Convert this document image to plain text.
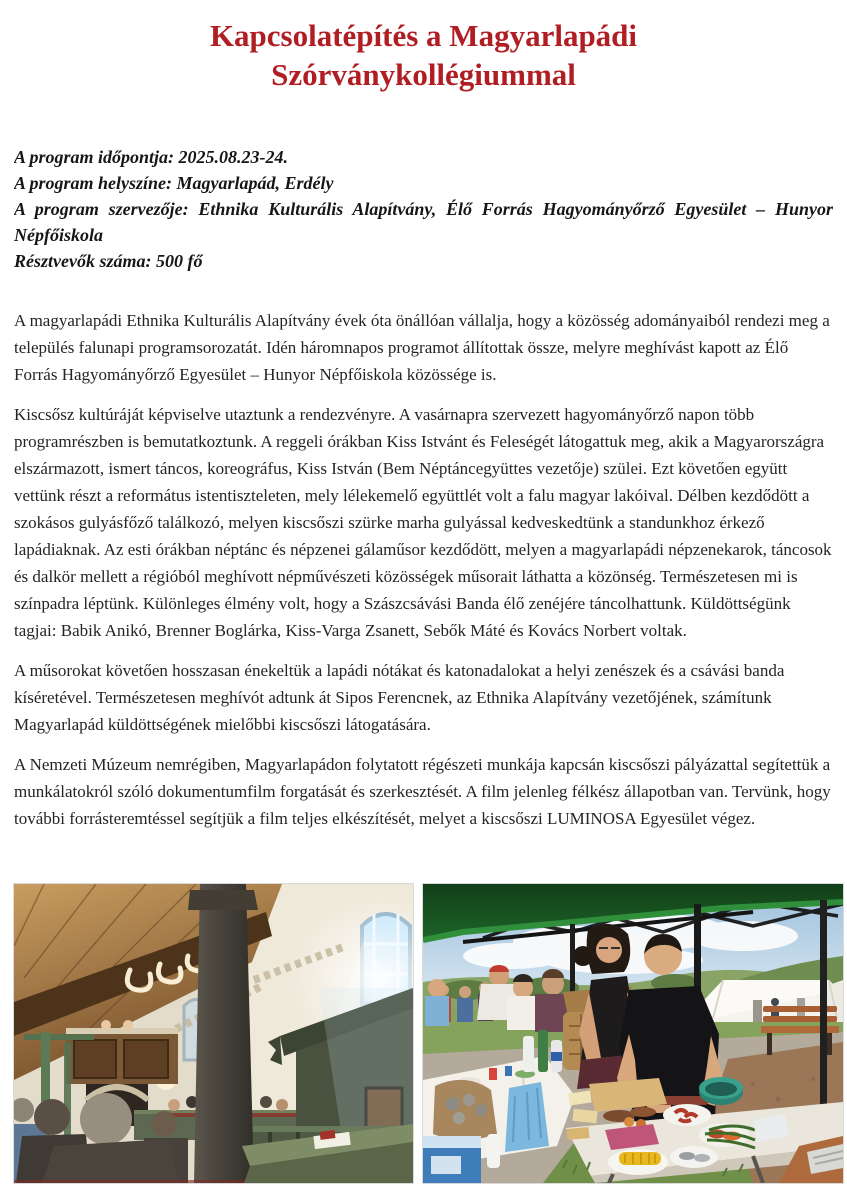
Kapcsolatépítés a Magyarlapádi Szórványkollégiummal

A program időpontja: 2025.08.23-24.

A program helyszíne: Magyarlapád, Erdély

A program szervezője: Ethnika Kulturális Alapítvány, Élő Forrás Hagyományőrző Egyesület – Hunyor Népfőiskola

Résztvevők száma: 500 fő

A magyarlapádi Ethnika Kulturális Alapítvány évek óta önállóan vállalja, hogy a közösség adományaiból rendezi meg a település falunapi programsorozatát. Idén háromnapos programot állítottak össze, melyre meghívást kapott az Élő Forrás Hagyományőrző Egyesület – Hunyor Népfőiskola közössége is.

Kiscsősz kultúráját képviselve utaztunk a rendezvényre. A vasárnapra szervezett hagyományőrző napon több programrészben is bemutatkoztunk. A reggeli órákban Kiss Istvánt és Feleségét látogattuk meg, akik a Magyarországra elszármazott, ismert táncos, koreográfus, Kiss István (Bem Néptáncegyüttes vezetője) szülei. Ezt követően együtt vettünk részt a református istentiszteleten, mely lélekemelő együttlét volt a falu magyar lakóival. Délben kezdődött a szokásos gulyásfőző találkozó, melyen kiscsőszi szürke marha gulyással kedveskedtünk a standunkhoz érkező lapádiaknak. Az esti órákban néptánc és népzenei gálaműsor kezdődött, melyen a magyarlapádi népzenekarok, táncosok és dalkör mellett a régióból meghívott népművészeti közösségek műsorait láthatta a közönség. Természetesen mi is színpadra léptünk. Különleges élmény volt, hogy a Szászcsávási Banda élő zenéjére táncolhattunk. Küldöttségünk tagjai: Babik Anikó, Brenner Boglárka, Kiss-Varga Zsanett, Sebők Máté és Kovács Norbert voltak.

A műsorokat követően hosszasan énekeltük a lapádi nótákat és katonadalokat a helyi zenészek és a csávási banda kíséretével. Természetesen meghívót adtunk át Sipos Ferencnek, az Ethnika Alapítvány vezetőjének, számítunk Magyarlapád küldöttségének mielőbbi kiscsőszi látogatására.

A Nemzeti Múzeum nemrégiben, Magyarlapádon folytatott régészeti munkája kapcsán kiscsőszi pályázattal segítettük a munkálatokról szóló dokumentumfilm forgatását és szerkesztését. A film jelenleg félkész állapotban van. Tervünk, hogy további forrásteremtéssel segítjük a film teljes elkészítését, melyet a kiscsőszi LUMINOSA Egyesület végez.
